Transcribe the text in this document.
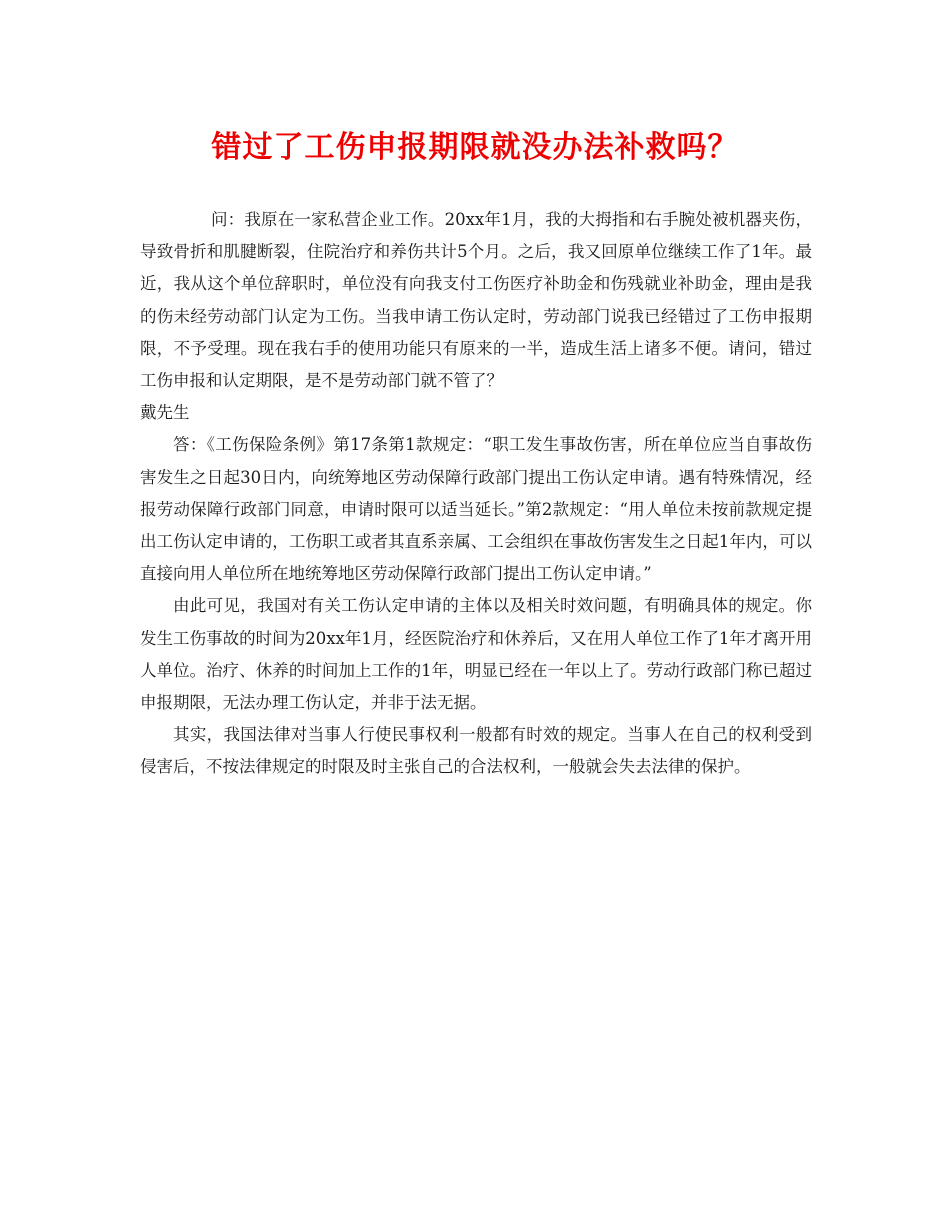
错过了工伤申报期限就没办法补救吗？

问：我原在一家私营企业工作。20xx年1月，我的大拇指和右手腕处被机器夹伤，导致骨折和肌腱断裂，住院治疗和养伤共计5个月。之后，我又回原单位继续工作了1年。最近，我从这个单位辞职时，单位没有向我支付工伤医疗补助金和伤残就业补助金，理由是我的伤未经劳动部门认定为工伤。当我申请工伤认定时，劳动部门说我已经错过了工伤申报期限，不予受理。现在我右手的使用功能只有原来的一半，造成生活上诸多不便。请问，错过工伤申报和认定期限，是不是劳动部门就不管了？

戴先生

答：《工伤保险条例》第17条第1款规定：“职工发生事故伤害，所在单位应当自事故伤害发生之日起30日内，向统筹地区劳动保障行政部门提出工伤认定申请。遇有特殊情况，经报劳动保障行政部门同意，申请时限可以适当延长。”第2款规定：“用人单位未按前款规定提出工伤认定申请的，工伤职工或者其直系亲属、工会组织在事故伤害发生之日起1年内，可以直接向用人单位所在地统筹地区劳动保障行政部门提出工伤认定申请。”

由此可见，我国对有关工伤认定申请的主体以及相关时效问题，有明确具体的规定。你发生工伤事故的时间为20xx年1月，经医院治疗和休养后，又在用人单位工作了1年才离开用人单位。治疗、休养的时间加上工作的1年，明显已经在一年以上了。劳动行政部门称已超过申报期限，无法办理工伤认定，并非于法无据。

其实，我国法律对当事人行使民事权利一般都有时效的规定。当事人在自己的权利受到侵害后，不按法律规定的时限及时主张自己的合法权利，一般就会失去法律的保护。
